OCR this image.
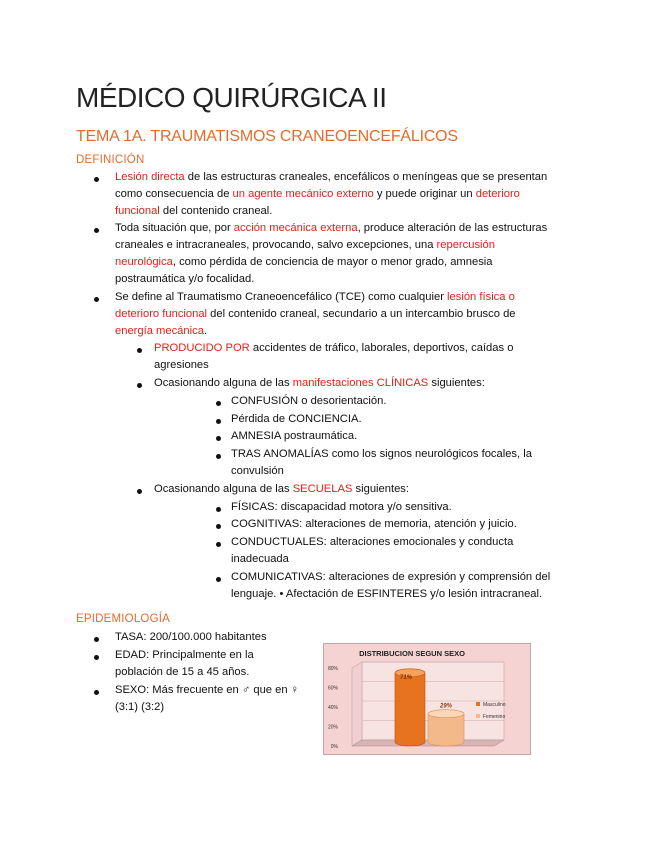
MÉDICO QUIRÚRGICA II
TEMA 1A. TRAUMATISMOS CRANEOENCEFÁLICOS
DEFINICIÓN
Lesión directa de las estructuras craneales, encefálicos o meníngeas que se presentan
como consecuencia de un agente mecánico externo y puede originar un deterioro
funcional del contenido craneal.
Toda situación que, por acción mecánica externa, produce alteración de las estructuras
craneales e intracraneales, provocando, salvo excepciones, una repercusión
neurológica, como pérdida de conciencia de mayor o menor grado, amnesia
postraumática y/o focalidad.
Se define al Traumatismo Craneoencefálico (TCE) como cualquier lesión física o
deterioro funcional del contenido craneal, secundario a un intercambio brusco de
energía mecánica.
PRODUCIDO POR accidentes de tráfico, laborales, deportivos, caídas o
agresiones
Ocasionando alguna de las manifestaciones CLÍNICAS siguientes:
CONFUSIÓN o desorientación.
Pérdida de CONCIENCIA.
AMNESIA postraumática.
TRAS ANOMALÍAS como los signos neurológicos focales, la
convulsión
Ocasionando alguna de las SECUELAS siguientes:
FÍSICAS: discapacidad motora y/o sensitiva.
COGNITIVAS: alteraciones de memoria, atención y juicio.
CONDUCTUALES: alteraciones emocionales y conducta
inadecuada
COMUNICATIVAS: alteraciones de expresión y comprensión del
lenguaje. • Afectación de ESFINTERES y/o lesión intracraneal.
EPIDEMIOLOGÍA
TASA: 200/100.000 habitantes
EDAD: Principalmente en la
población de 15 a 45 años.
SEXO: Más frecuente en ♂ que en ♀
(3:1) (3:2)
DISTRIBUCION SEGUN SEXO
0%
20%
40%
60%
80%
71%
29%	Masculino
Femenino
